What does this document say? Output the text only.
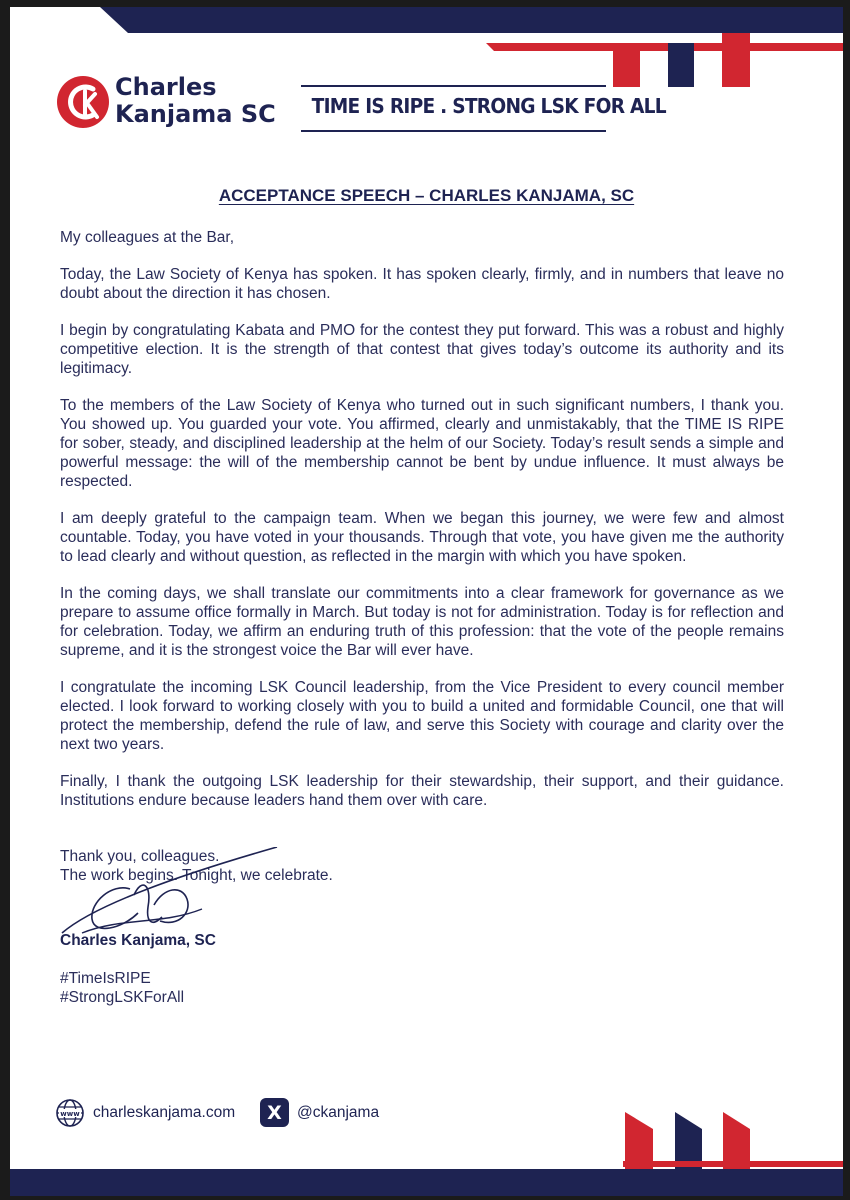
Charles
Kanjama SC TIME IS RIPE . STRONG LSK FOR ALL
ACCEPTANCE SPEECH – CHARLES KANJAMA, SC

My colleagues at the Bar,

Today, the Law Society of Kenya has spoken. It has spoken clearly, firmly, and in numbers that leave no doubt about the direction it has chosen.

I begin by congratulating Kabata and PMO for the contest they put forward. This was a robust and highly competitive election. It is the strength of that contest that gives today’s outcome its authority and its legitimacy.

To the members of the Law Society of Kenya who turned out in such significant numbers, I thank you. You showed up. You guarded your vote. You affirmed, clearly and unmistakably, that the TIME IS RIPE for sober, steady, and disciplined leadership at the helm of our Society. Today’s result sends a simple and powerful message: the will of the membership cannot be bent by undue influence. It must always be respected.

I am deeply grateful to the campaign team. When we began this journey, we were few and almost countable. Today, you have voted in your thousands. Through that vote, you have given me the authority to lead clearly and without question, as reflected in the margin with which you have spoken.

In the coming days, we shall translate our commitments into a clear framework for governance as we prepare to assume office formally in March. But today is not for administration. Today is for reflection and for celebration. Today, we affirm an enduring truth of this profession: that the vote of the people remains supreme, and it is the strongest voice the Bar will ever have.

I congratulate the incoming LSK Council leadership, from the Vice President to every council member elected. I look forward to working closely with you to build a united and formidable Council, one that will protect the membership, defend the rule of law, and serve this Society with courage and clarity over the next two years.

Finally, I thank the outgoing LSK leadership for their stewardship, their support, and their guidance. Institutions endure because leaders hand them over with care.

Thank you, colleagues.
The work begins. Tonight, we celebrate.
Charles Kanjama, SC
#TimeIsRIPE
#StrongLSKForAll
www charleskanjama.com	X @ckanjama
